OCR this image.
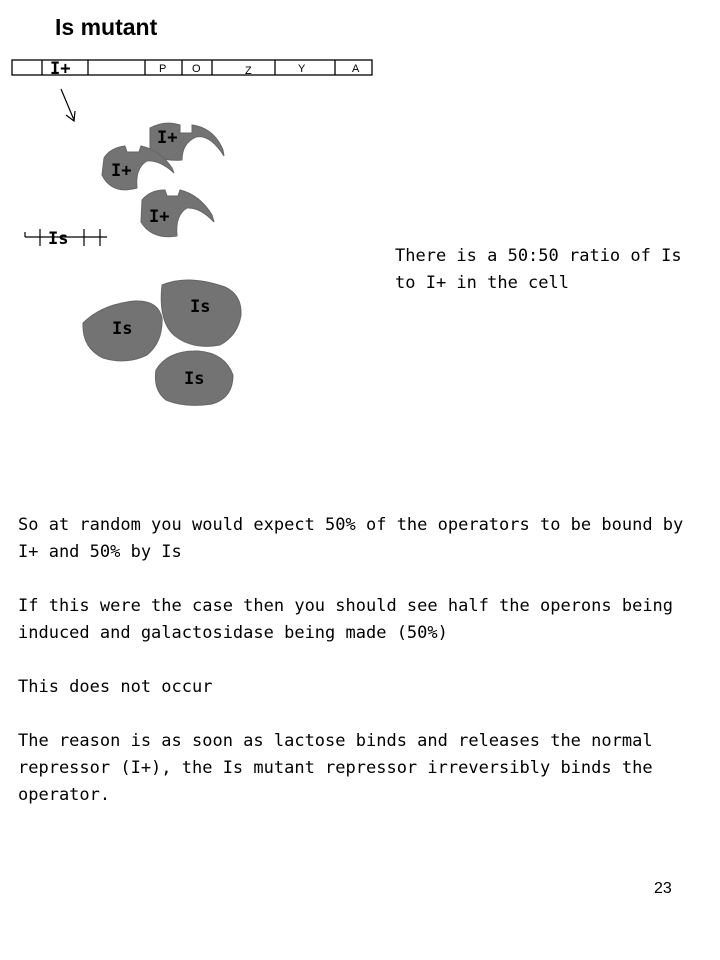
Is mutant
I+	P O	Z	Y	A
I+
I+
I+
Is
Is
Is
Is
There is a 50:50 ratio of Is to I+ in the cell

So at random you would expect 50% of the operators to be bound by I+ and 50% by Is

If this were the case then you should see half the operons being induced and galactosidase being made (50%)

This does not occur

The reason is as soon as lactose binds and releases the normal repressor (I+), the Is mutant repressor irreversibly binds the operator.

23
